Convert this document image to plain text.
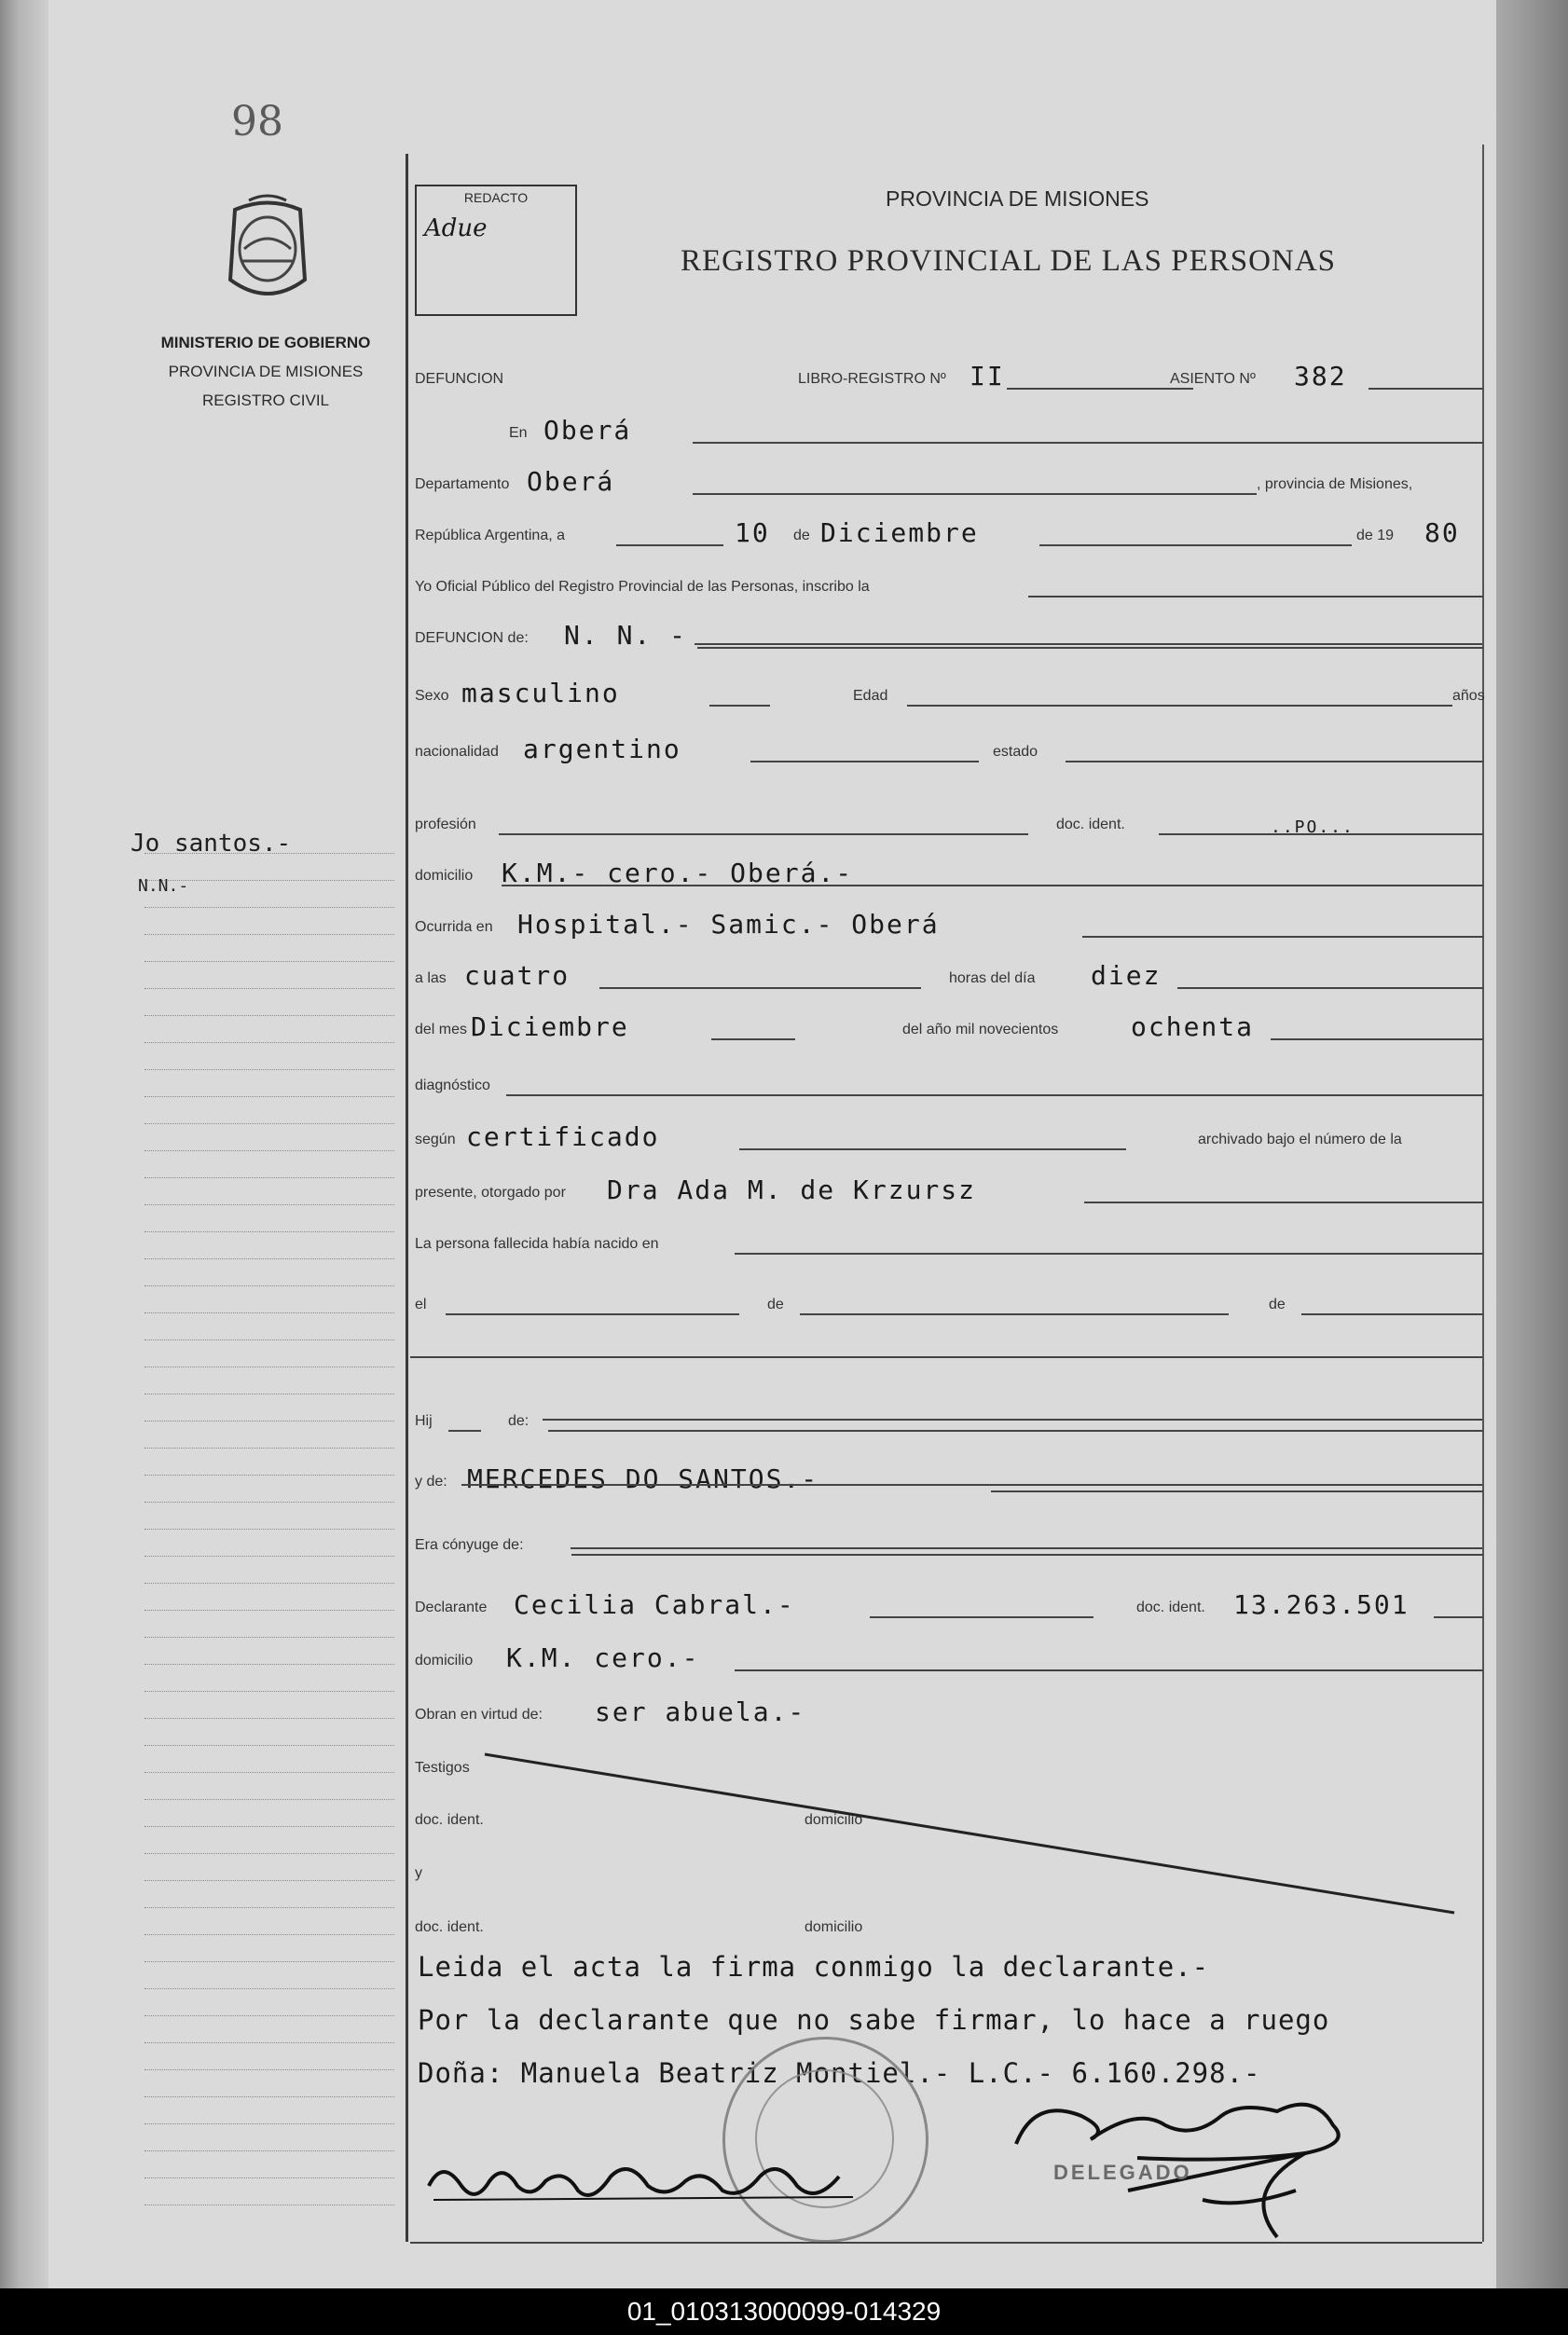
98
MINISTERIO DE GOBIERNO
PROVINCIA DE MISIONES
REGISTRO CIVIL
Jo santos.-
N.N.-
REDACTO
Adue
PROVINCIA DE MISIONES
REGISTRO PROVINCIAL DE LAS PERSONAS
DEFUNCION	LIBRO-REGISTRO Nº II	ASIENTO Nº 382
En Oberá
Departamento Oberá	, provincia de Misiones,
República Argentina, a	10 de Diciembre	de 19 80
Yo Oficial Público del Registro Provincial de las Personas, inscribo la
DEFUNCION de: N. N. -
Sexo masculino	Edad	años
nacionalidad argentino	estado
profesión	doc. ident.	..PO...
domicilio K.M.- cero.- Oberá.-
Ocurrida en Hospital.- Samic.- Oberá
a las cuatro	horas del día diez
del mes Diciembre	del año mil novecientos	ochenta
diagnóstico
según certificado	archivado bajo el número de la
presente, otorgado por Dra Ada M. de Krzursz
La persona fallecida había nacido en
el	de	de
Hij	de:
y de: MERCEDES DO SANTOS.-
Era cónyuge de:
Declarante Cecilia Cabral.-	doc. ident. 13.263.501
domicilio K.M. cero.-
Obran en virtud de: ser abuela.-
Testigos
doc. ident.	domicilio
y
doc. ident.	domicilio
Leida el acta la firma conmigo la declarante.-
Por la declarante que no sabe firmar, lo hace a ruego
Doña: Manuela Beatriz Montiel.- L.C.- 6.160.298.-
DELEGADO
01_010313000099-014329
